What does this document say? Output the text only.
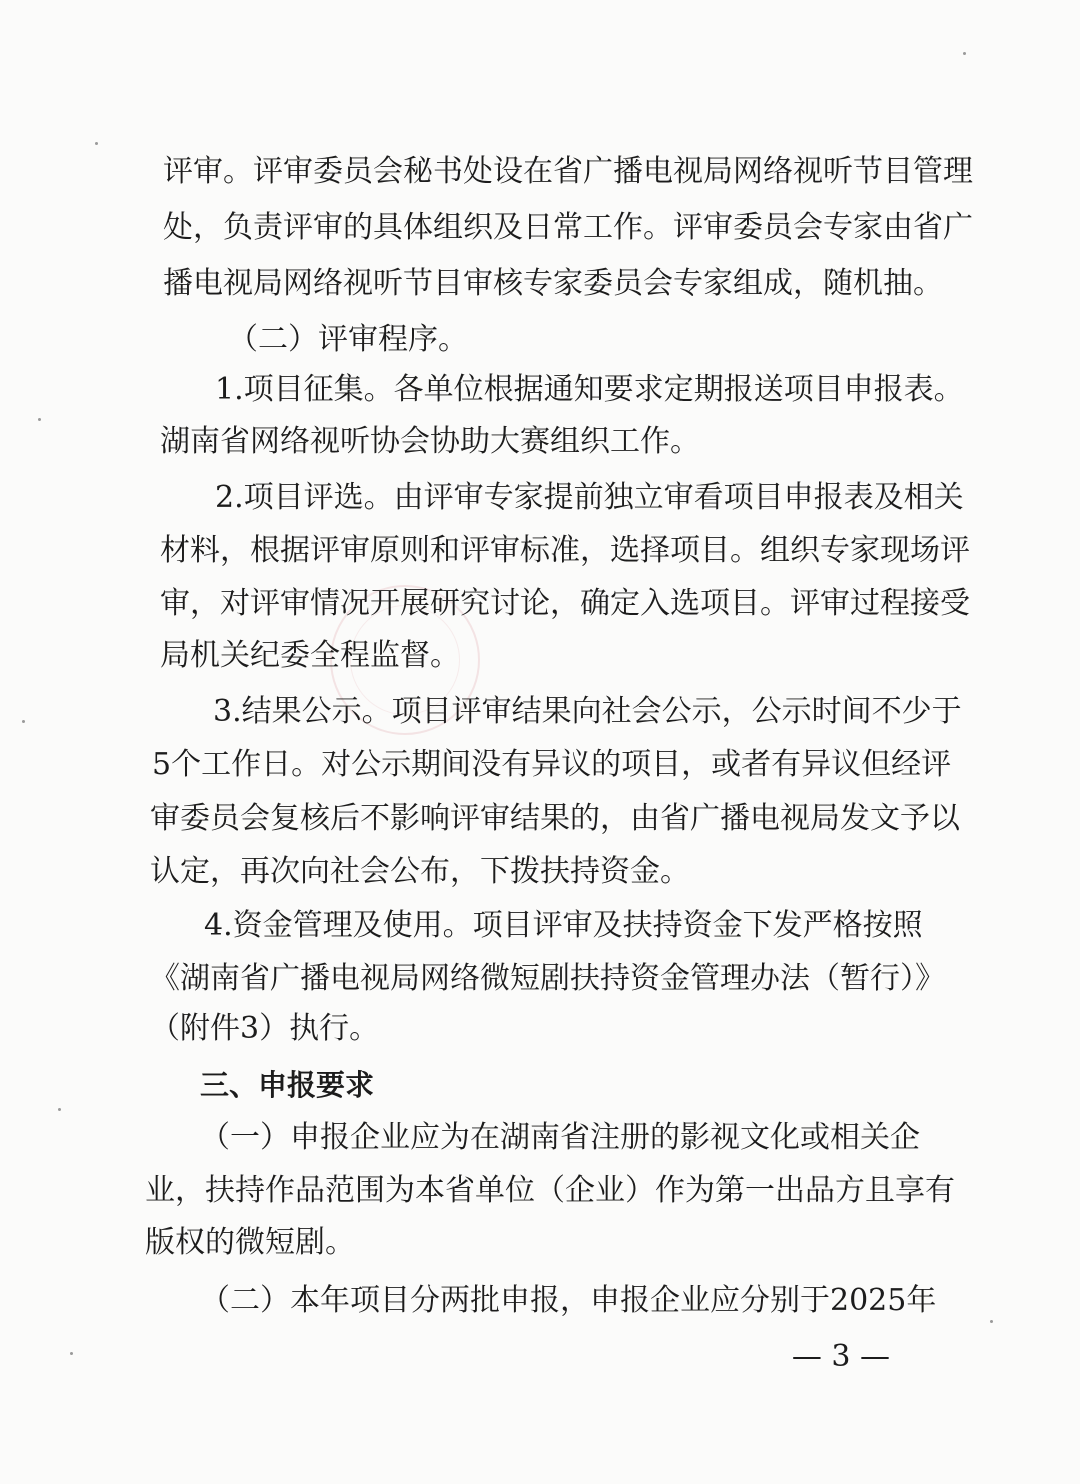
评审。评审委员会秘书处设在省广播电视局网络视听节目管理

处，负责评审的具体组织及日常工作。评审委员会专家由省广

播电视局网络视听节目审核专家委员会专家组成，随机抽。

（二）评审程序。

1.项目征集。各单位根据通知要求定期报送项目申报表。

湖南省网络视听协会协助大赛组织工作。

2.项目评选。由评审专家提前独立审看项目申报表及相关

材料，根据评审原则和评审标准，选择项目。组织专家现场评

审，对评审情况开展研究讨论，确定入选项目。评审过程接受

局机关纪委全程监督。

3.结果公示。项目评审结果向社会公示，公示时间不少于

5个工作日。对公示期间没有异议的项目，或者有异议但经评

审委员会复核后不影响评审结果的，由省广播电视局发文予以

认定，再次向社会公布，下拨扶持资金。

4.资金管理及使用。项目评审及扶持资金下发严格按照

《湖南省广播电视局网络微短剧扶持资金管理办法（暂行）》

（附件3）执行。

三、申报要求

（一）申报企业应为在湖南省注册的影视文化或相关企

业，扶持作品范围为本省单位（企业）作为第一出品方且享有

版权的微短剧。

（二）本年项目分两批申报，申报企业应分别于2025年

— 3 —
